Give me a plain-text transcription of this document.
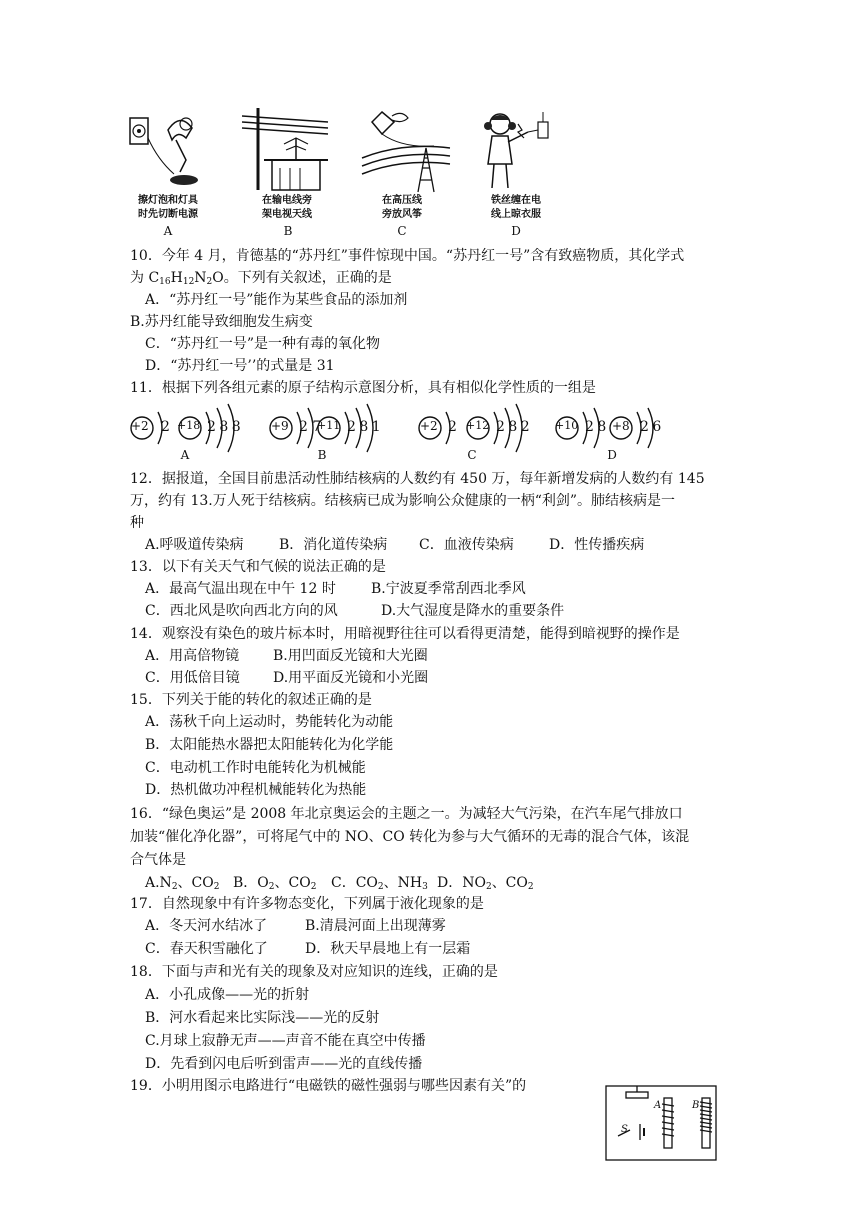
擦灯泡和灯具
时先切断电源
在输电线旁
架电视天线
在高压线
旁放风筝
铁丝缠在电
线上晾衣服
A	B	C	D
10．今年 4 月，肯德基的“苏丹红”事件惊现中国。“苏丹红一号”含有致癌物质，其化学式
为 $C_{16}H_{12}N_2O$。下列有关叙述，正确的是
A．“苏丹红一号”能作为某些食品的添加剂
B.苏丹红能导致细胞发生病变
C．“苏丹红一号”是一种有毒的氧化物
D．“苏丹红一号’’的式量是 31
11．根据下列各组元素的原子结构示意图分析，具有相似化学性质的一组是
+2 2 +18 2 8 8	+9 2 7
+11 2 8 1	+2 2 +12 2 8 2 +10 2 8 +8 2 6
A	B	C	D
12．据报道，全国目前患活动性肺结核病的人数约有 450 万，每年新增发病的人数约有 145
万，约有 13.万人死于结核病。结核病已成为影响公众健康的一柄“利剑”。肺结核病是一
种
A.呼吸道传染病	B．消化道传染病 C．血液传染病	D．性传播疾病
13．以下有关天气和气候的说法正确的是
A．最高气温出现在中午 12 时	B.宁波夏季常刮西北季风
C．西北风是吹向西北方向的风	D.大气湿度是降水的重要条件
14．观察没有染色的玻片标本时，用暗视野往往可以看得更清楚，能得到暗视野的操作是
A．用高倍物镜 B.用凹面反光镜和大光圈
C．用低倍目镜 D.用平面反光镜和小光圈
15．下列关于能的转化的叙述正确的是
A．荡秋千向上运动时，势能转化为动能
B．太阳能热水器把太阳能转化为化学能
C．电动机工作时电能转化为机械能
D．热机做功冲程机械能转化为热能
16．“绿色奥运”是 2008 年北京奥运会的主题之一。为减轻大气污染，在汽车尾气排放口
加装“催化净化器”，可将尾气中的 NO、CO 转化为参与大气循环的无毒的混合气体，该混
合气体是
$A.N_2$、$CO_2$ B．$O_2$、$CO_2$ C．$CO_2$、$NH_3$ D．$NO_2$、$CO_2$
17．自然现象中有许多物态变化，下列属于液化现象的是
A．冬天河水结冰了	B.清晨河面上出现薄雾
C．春天积雪融化了	D．秋天早晨地上有一层霜
18．下面与声和光有关的现象及对应知识的连线，正确的是
A．小孔成像——光的折射
B．河水看起来比实际浅——光的反射
C.月球上寂静无声——声音不能在真空中传播
D．先看到闪电后听到雷声——光的直线传播
19．小明用图示电路进行“电磁铁的磁性强弱与哪些因素有关”的
A	B
S
